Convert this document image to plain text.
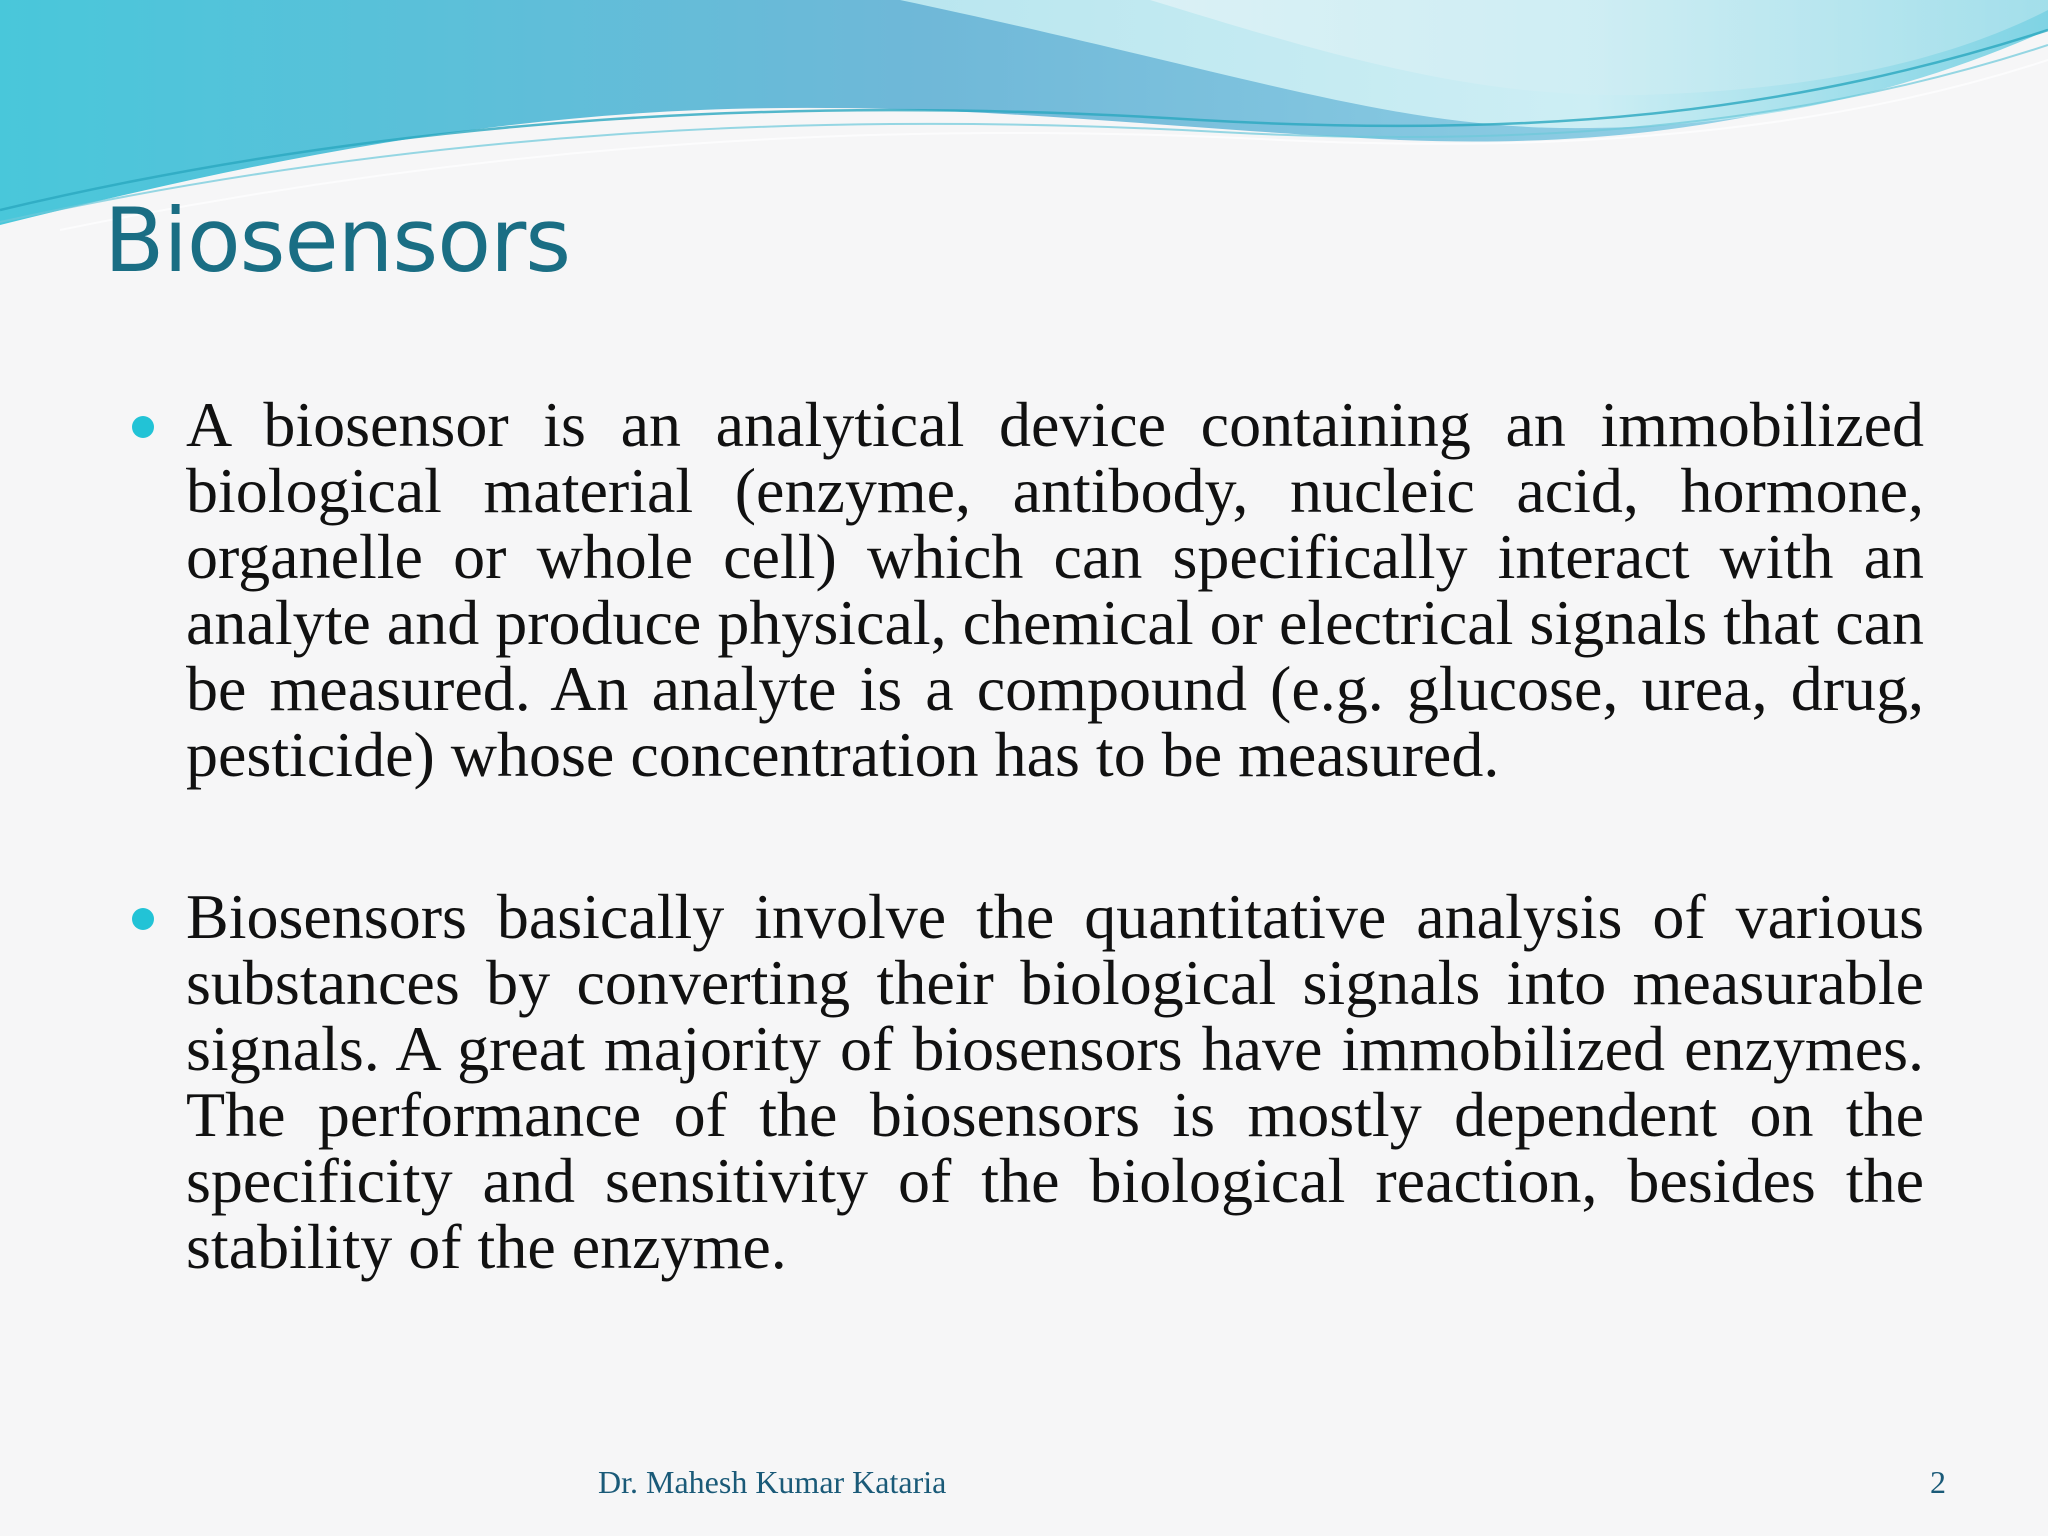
Biosensors

A biosensor is an analytical device containing an immobilized biological material (enzyme, antibody, nucleic acid, hormone, organelle or whole cell) which can specifically interact with an analyte and produce physical, chemical or electrical signals that can be measured. An analyte is a compound (e.g. glucose, urea, drug, pesticide) whose concentration has to be measured.

Biosensors basically involve the quantitative analysis of various substances by converting their biological signals into measurable signals. A great majority of biosensors have immobilized enzymes. The performance of the biosensors is mostly dependent on the specificity and sensitivity of the biological reaction, besides the stability of the enzyme.

Dr. Mahesh Kumar Kataria	2
